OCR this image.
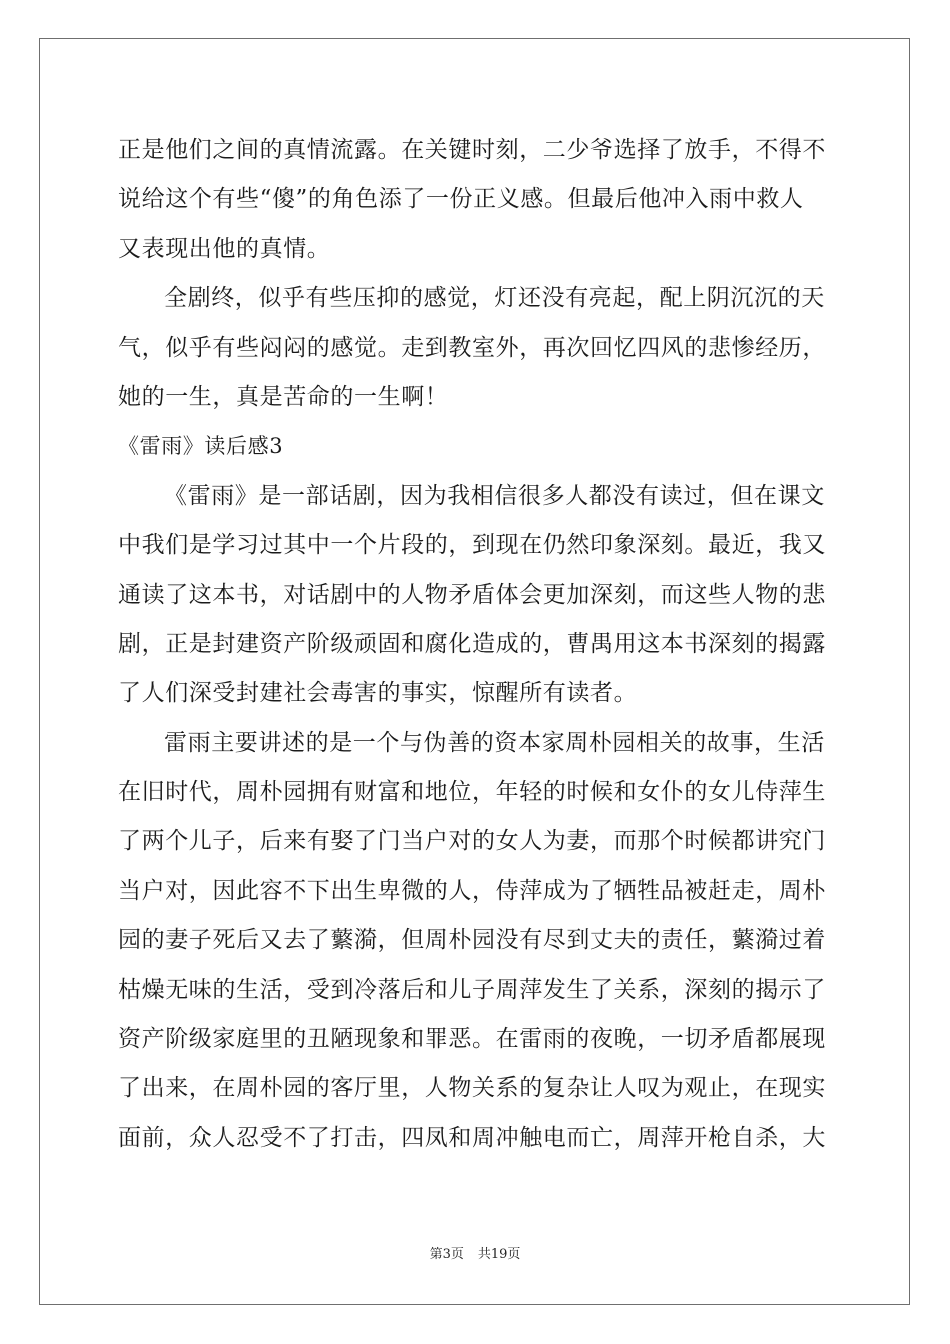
正是他们之间的真情流露。在关键时刻，二少爷选择了放手，不得不
说给这个有些“傻”的角色添了一份正义感。但最后他冲入雨中救人
又表现出他的真情。
全剧终，似乎有些压抑的感觉，灯还没有亮起，配上阴沉沉的天
气，似乎有些闷闷的感觉。走到教室外，再次回忆四风的悲惨经历，
她的一生，真是苦命的一生啊！
《雷雨》读后感3
《雷雨》是一部话剧，因为我相信很多人都没有读过，但在课文
中我们是学习过其中一个片段的，到现在仍然印象深刻。最近，我又
通读了这本书，对话剧中的人物矛盾体会更加深刻，而这些人物的悲
剧，正是封建资产阶级顽固和腐化造成的，曹禺用这本书深刻的揭露
了人们深受封建社会毒害的事实，惊醒所有读者。
雷雨主要讲述的是一个与伪善的资本家周朴园相关的故事，生活
在旧时代，周朴园拥有财富和地位，年轻的时候和女仆的女儿侍萍生
了两个儿子，后来有娶了门当户对的女人为妻，而那个时候都讲究门
当户对，因此容不下出生卑微的人，侍萍成为了牺牲品被赶走，周朴
园的妻子死后又去了蘩漪，但周朴园没有尽到丈夫的责任，蘩漪过着
枯燥无味的生活，受到冷落后和儿子周萍发生了关系，深刻的揭示了
资产阶级家庭里的丑陋现象和罪恶。在雷雨的夜晚，一切矛盾都展现
了出来，在周朴园的客厅里，人物关系的复杂让人叹为观止，在现实
面前，众人忍受不了打击，四凤和周冲触电而亡，周萍开枪自杀，大
第3页 共19页
